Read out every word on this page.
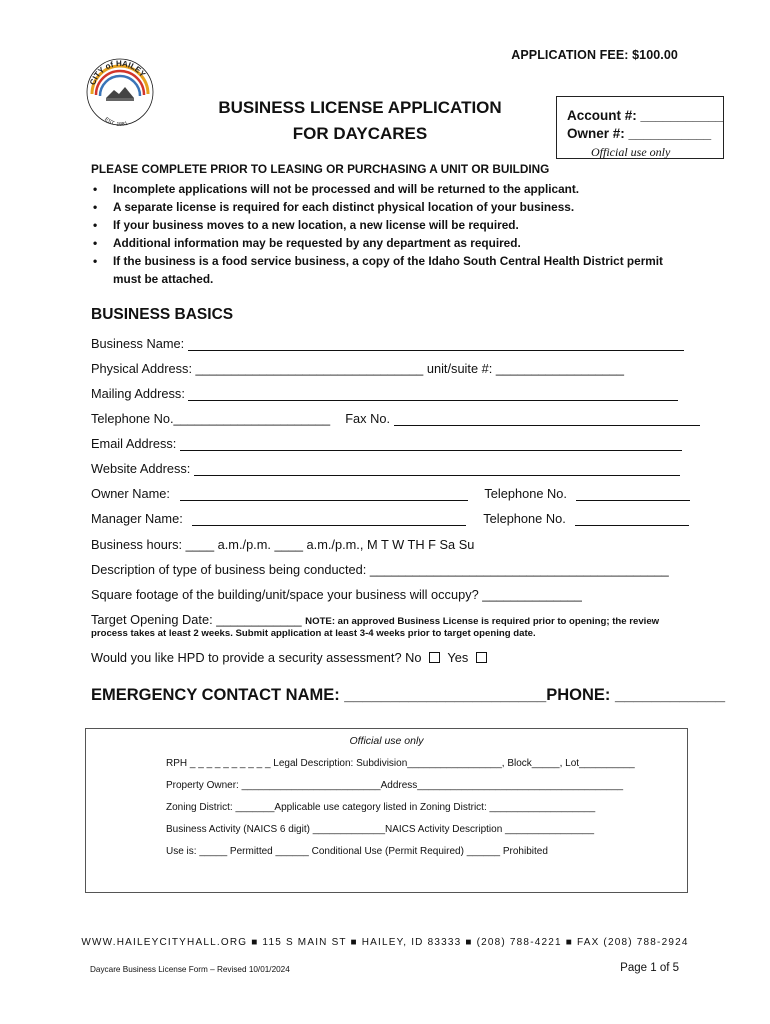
APPLICATION FEE: $100.00
CITY of HAILEY
EST. 1881
BUSINESS LICENSE APPLICATION
FOR DAYCARES
Account #: ___________
Owner #: ___________
Official use only
PLEASE COMPLETE PRIOR TO LEASING OR PURCHASING A UNIT OR BUILDING
• Incomplete applications will not be processed and will be returned to the applicant.
• A separate license is required for each distinct physical location of your business.
• If your business moves to a new location, a new license will be required.
• Additional information may be requested by any department as required.
• If the business is a food service business, a copy of the Idaho South Central Health District permit must be attached.
BUSINESS BASICS
Business Name:
Physical Address: ________________________________ unit/suite #: __________________
Mailing Address:
Telephone No.______________________ Fax No.
Email Address:
Website Address:
Owner Name:	Telephone No.
Manager Name:	Telephone No.
Business hours: ____ a.m./p.m. ____ a.m./p.m., M T W TH F Sa Su
Description of type of business being conducted: __________________________________________
Square footage of the building/unit/space your business will occupy? ______________
Target Opening Date: ____________ NOTE: an approved Business License is required prior to opening; the review
process takes at least 2 weeks. Submit application at least 3-4 weeks prior to target opening date.
Would you like HPD to provide a security assessment? No Yes
EMERGENCY CONTACT NAME: ______________________PHONE: ____________
Official use only
RPH _ _ _ _ _ _ _ _ _ _ Legal Description: Subdivision_________________, Block_____, Lot__________
Property Owner: _________________________Address_____________________________________
Zoning District: _______Applicable use category listed in Zoning District: ___________________
Business Activity (NAICS 6 digit) _____________NAICS Activity Description ________________
Use is: _____ Permitted ______ Conditional Use (Permit Required) ______ Prohibited
WWW.HAILEYCITYHALL.ORG ■ 115 S MAIN ST ■ HAILEY, ID 83333 ■ (208) 788-4221 ■ FAX (208) 788-2924
Daycare Business License Form – Revised 10/01/2024	Page 1 of 5
